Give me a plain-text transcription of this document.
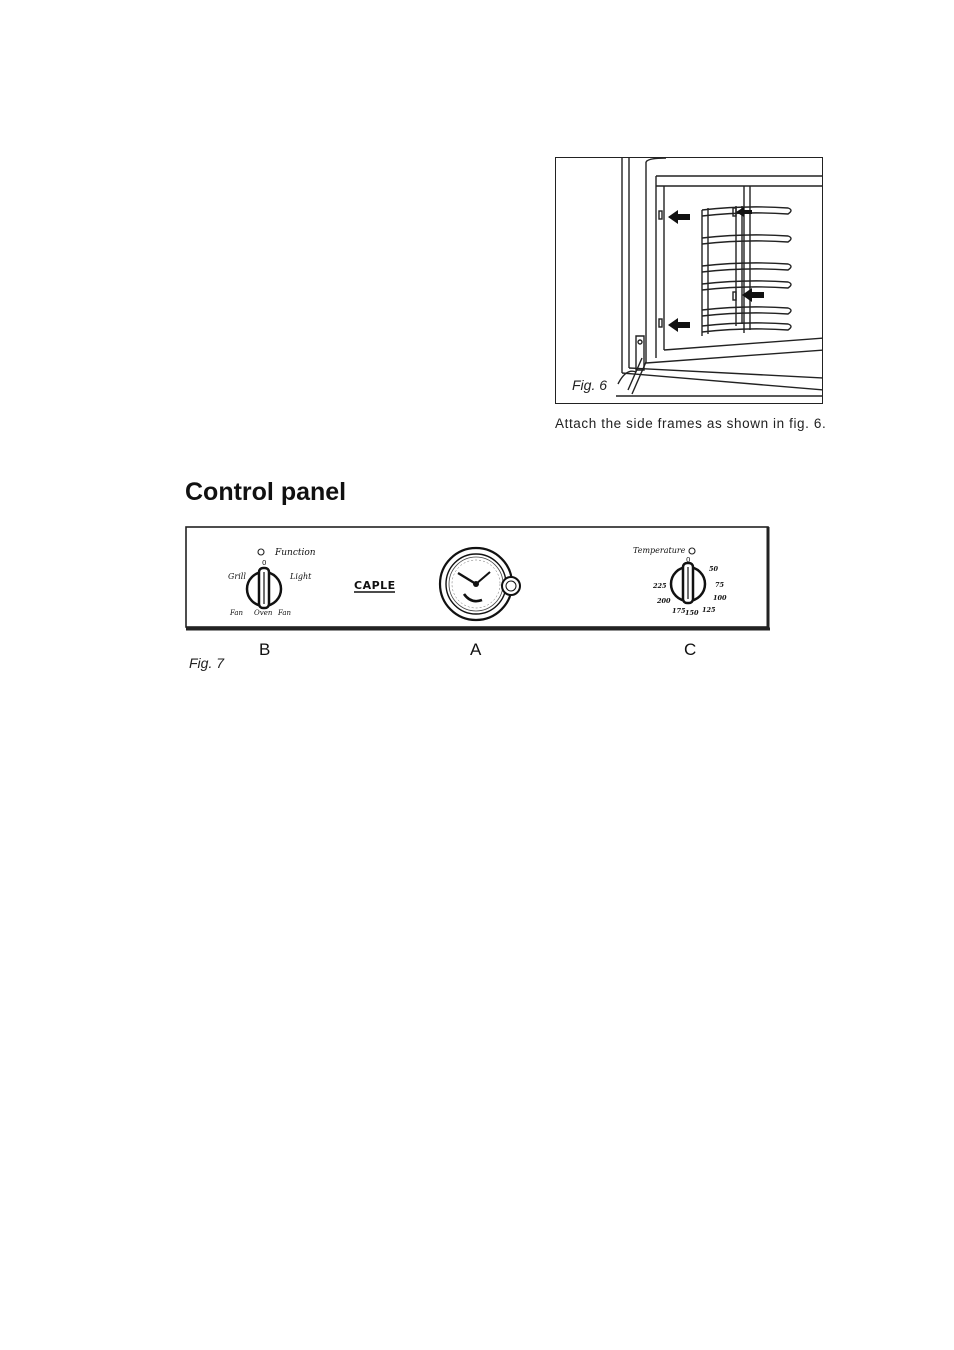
Fig. 6
Attach the side frames as shown in fig. 6.
Control panel
Function
0
Grill	Light
Fan Oven Fan
CAPLE
Temperature
0
50
75
100
125
150
175
200
225
B	A	C
Fig. 7
